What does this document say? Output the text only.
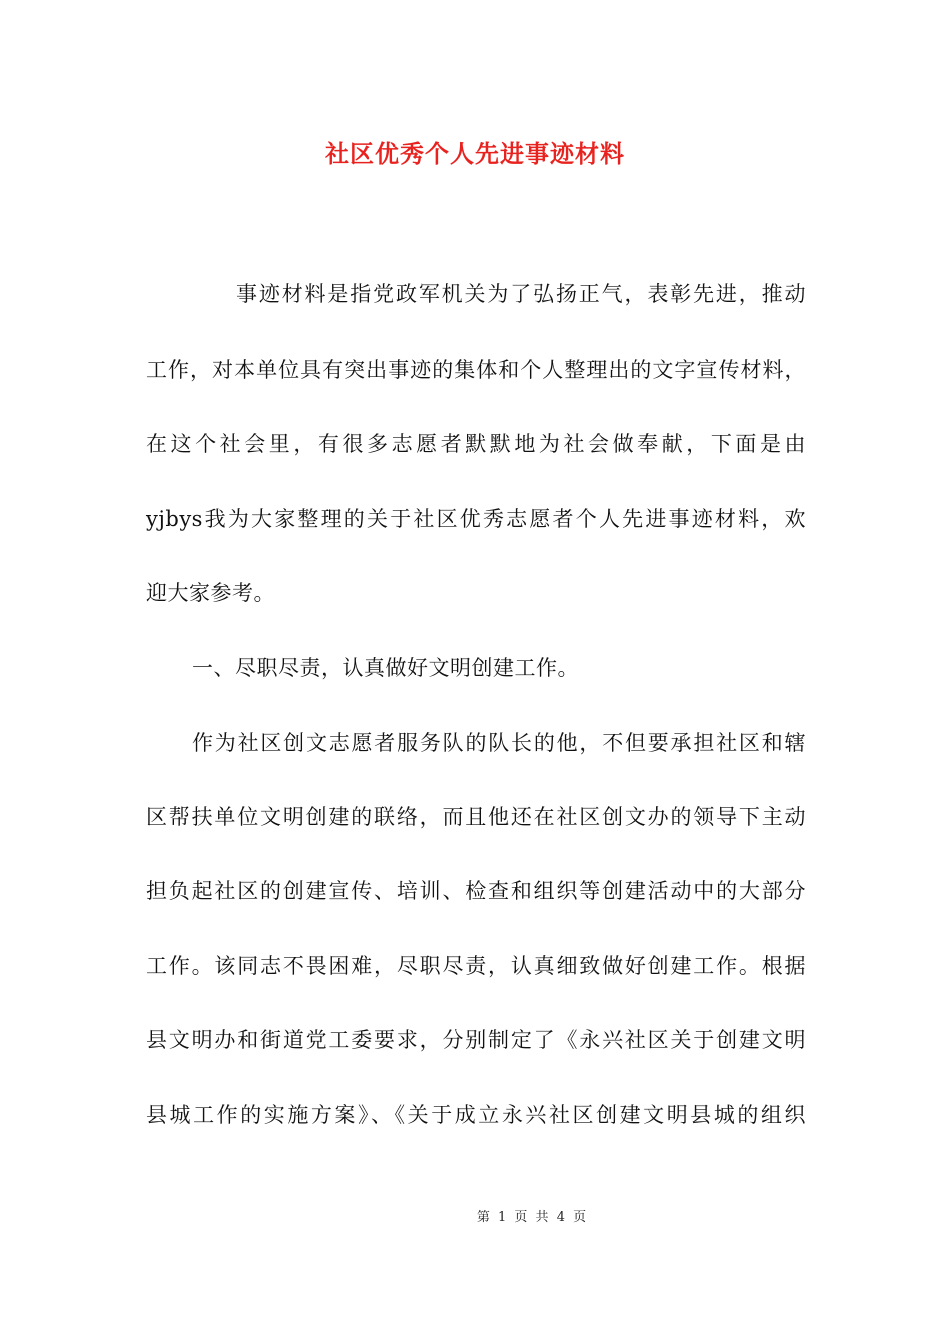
社区优秀个人先进事迹材料
事迹材料是指党政军机关为了弘扬正气，表彰先进，推动
工作，对本单位具有突出事迹的集体和个人整理出的文字宣传材料，
在这个社会里，有很多志愿者默默地为社会做奉献，下面是由
yjbys我为大家整理的关于社区优秀志愿者个人先进事迹材料，欢
迎大家参考。
一、尽职尽责，认真做好文明创建工作。
作为社区创文志愿者服务队的队长的他，不但要承担社区和辖
区帮扶单位文明创建的联络，而且他还在社区创文办的领导下主动
担负起社区的创建宣传、培训、检查和组织等创建活动中的大部分
工作。该同志不畏困难，尽职尽责，认真细致做好创建工作。根据
县文明办和街道党工委要求，分别制定了《永兴社区关于创建文明
县城工作的实施方案》、《关于成立永兴社区创建文明县城的组织
第 1 页 共 4 页
